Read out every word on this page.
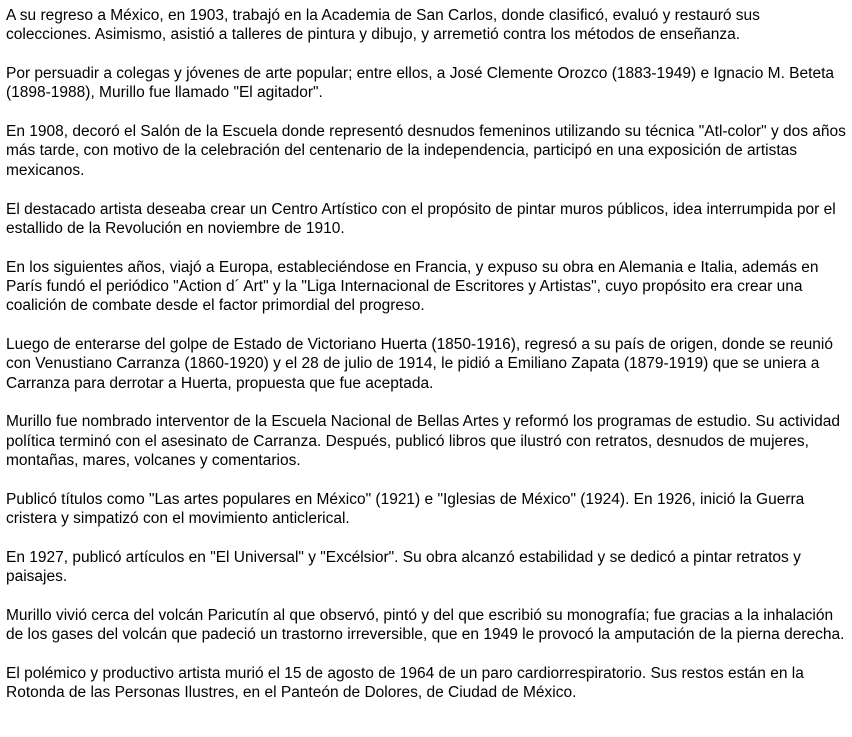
A su regreso a México, en 1903, trabajó en la Academia de San Carlos, donde clasificó, evaluó y restauró sus colecciones. Asimismo, asistió a talleres de pintura y dibujo, y arremetió contra los métodos de enseñanza.

Por persuadir a colegas y jóvenes de arte popular; entre ellos, a José Clemente Orozco (1883-1949) e Ignacio M. Beteta (1898-1988), Murillo fue llamado "El agitador".

En 1908, decoró el Salón de la Escuela donde representó desnudos femeninos utilizando su técnica "Atl-color" y dos años más tarde, con motivo de la celebración del centenario de la independencia, participó en una exposición de artistas mexicanos.

El destacado artista deseaba crear un Centro Artístico con el propósito de pintar muros públicos, idea interrumpida por el estallido de la Revolución en noviembre de 1910.

En los siguientes años, viajó a Europa, estableciéndose en Francia, y expuso su obra en Alemania e Italia, además en París fundó el periódico "Action d´ Art" y la "Liga Internacional de Escritores y Artistas", cuyo propósito era crear una coalición de combate desde el factor primordial del progreso.

Luego de enterarse del golpe de Estado de Victoriano Huerta (1850-1916), regresó a su país de origen, donde se reunió con Venustiano Carranza (1860-1920) y el 28 de julio de 1914, le pidió a Emiliano Zapata (1879-1919) que se uniera a Carranza para derrotar a Huerta, propuesta que fue aceptada.

Murillo fue nombrado interventor de la Escuela Nacional de Bellas Artes y reformó los programas de estudio. Su actividad política terminó con el asesinato de Carranza. Después, publicó libros que ilustró con retratos, desnudos de mujeres, montañas, mares, volcanes y comentarios.

Publicó títulos como "Las artes populares en México" (1921) e "Iglesias de México" (1924). En 1926, inició la Guerra cristera y simpatizó con el movimiento anticlerical.

En 1927, publicó artículos en "El Universal" y "Excélsior". Su obra alcanzó estabilidad y se dedicó a pintar retratos y paisajes.

Murillo vivió cerca del volcán Paricutín al que observó, pintó y del que escribió su monografía; fue gracias a la inhalación de los gases del volcán que padeció un trastorno irreversible, que en 1949 le provocó la amputación de la pierna derecha.

El polémico y productivo artista murió el 15 de agosto de 1964 de un paro cardiorrespiratorio. Sus restos están en la Rotonda de las Personas Ilustres, en el Panteón de Dolores, de Ciudad de México.
